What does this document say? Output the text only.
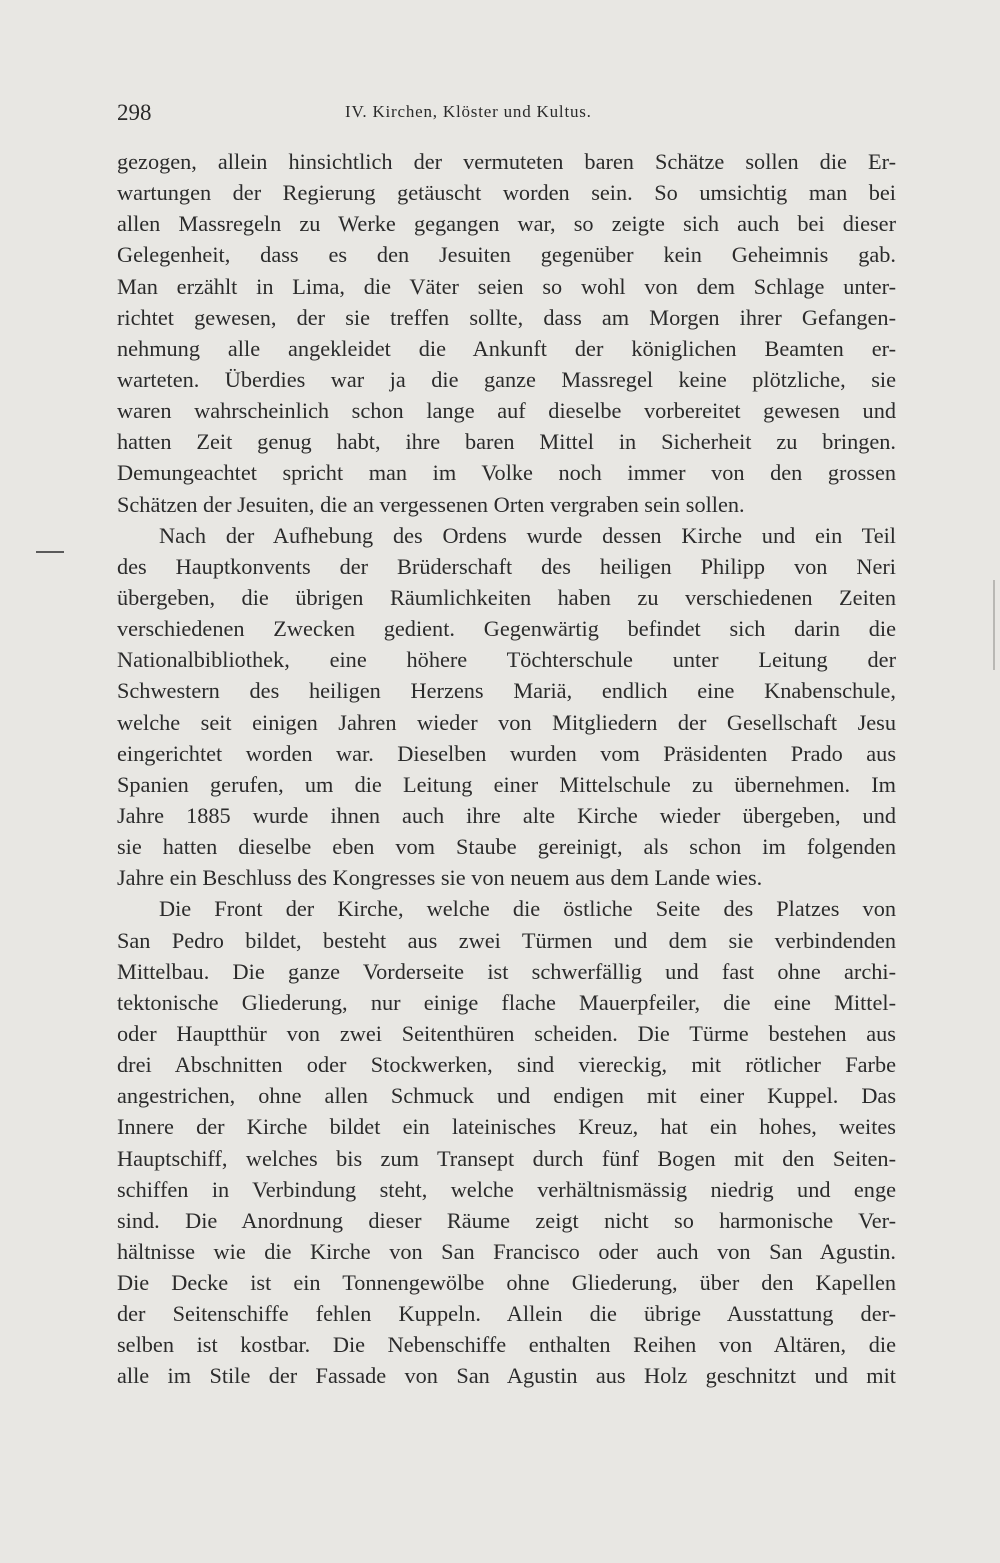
298	IV. Kirchen, Klöster und Kultus.
gezogen, allein hinsichtlich der vermuteten baren Schätze sollen die Er-
wartungen der Regierung getäuscht worden sein. So umsichtig man bei
allen Massregeln zu Werke gegangen war, so zeigte sich auch bei dieser
Gelegenheit, dass es den Jesuiten gegenüber kein Geheimnis gab.
Man erzählt in Lima, die Väter seien so wohl von dem Schlage unter-
richtet gewesen, der sie treffen sollte, dass am Morgen ihrer Gefangen-
nehmung alle angekleidet die Ankunft der königlichen Beamten er-
warteten. Überdies war ja die ganze Massregel keine plötzliche, sie
waren wahrscheinlich schon lange auf dieselbe vorbereitet gewesen und
hatten Zeit genug habt, ihre baren Mittel in Sicherheit zu bringen.
Demungeachtet spricht man im Volke noch immer von den grossen
Schätzen der Jesuiten, die an vergessenen Orten vergraben sein sollen.
Nach der Aufhebung des Ordens wurde dessen Kirche und ein Teil
des Hauptkonvents der Brüderschaft des heiligen Philipp von Neri
übergeben, die übrigen Räumlichkeiten haben zu verschiedenen Zeiten
verschiedenen Zwecken gedient. Gegenwärtig befindet sich darin die
Nationalbibliothek, eine höhere Töchterschule unter Leitung der
Schwestern des heiligen Herzens Mariä, endlich eine Knabenschule,
welche seit einigen Jahren wieder von Mitgliedern der Gesellschaft Jesu
eingerichtet worden war. Dieselben wurden vom Präsidenten Prado aus
Spanien gerufen, um die Leitung einer Mittelschule zu übernehmen. Im
Jahre 1885 wurde ihnen auch ihre alte Kirche wieder übergeben, und
sie hatten dieselbe eben vom Staube gereinigt, als schon im folgenden
Jahre ein Beschluss des Kongresses sie von neuem aus dem Lande wies.
Die Front der Kirche, welche die östliche Seite des Platzes von
San Pedro bildet, besteht aus zwei Türmen und dem sie verbindenden
Mittelbau. Die ganze Vorderseite ist schwerfällig und fast ohne archi-
tektonische Gliederung, nur einige flache Mauerpfeiler, die eine Mittel-
oder Hauptthür von zwei Seitenthüren scheiden. Die Türme bestehen aus
drei Abschnitten oder Stockwerken, sind viereckig, mit rötlicher Farbe
angestrichen, ohne allen Schmuck und endigen mit einer Kuppel. Das
Innere der Kirche bildet ein lateinisches Kreuz, hat ein hohes, weites
Hauptschiff, welches bis zum Transept durch fünf Bogen mit den Seiten-
schiffen in Verbindung steht, welche verhältnismässig niedrig und enge
sind. Die Anordnung dieser Räume zeigt nicht so harmonische Ver-
hältnisse wie die Kirche von San Francisco oder auch von San Agustin.
Die Decke ist ein Tonnengewölbe ohne Gliederung, über den Kapellen
der Seitenschiffe fehlen Kuppeln. Allein die übrige Ausstattung der-
selben ist kostbar. Die Nebenschiffe enthalten Reihen von Altären, die
alle im Stile der Fassade von San Agustin aus Holz geschnitzt und mit
